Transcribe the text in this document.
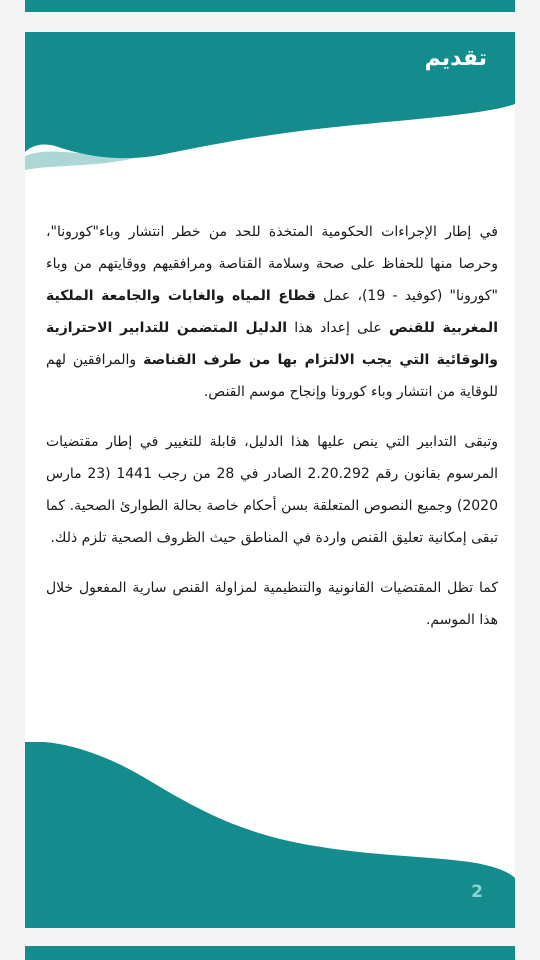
تقديم

في إطار الإجراءات الحكومية المتخذة للحد من خطر انتشار وباء"كورونا"، وحرصا منها للحفاظ على صحة وسلامة القناصة ومرافقيهم ووقايتهم من وباء "كورونا" (كوفيد - 19)، عمل قطاع المياه والغابات والجامعة الملكية المغربية للقنص على إعداد هذا الدليل المتضمن للتدابير الاحترازية والوقائية التي يجب الالتزام بها من طرف القناصة والمرافقين لهم للوقاية من انتشار وباء كورونا وإنجاح موسم القنص.

وتبقى التدابير التي ينص عليها هذا الدليل، قابلة للتغيير في إطار مقتضيات المرسوم بقانون رقم 2.20.292 الصادر في 28 من رجب 1441 (23 مارس 2020) وجميع النصوص المتعلقة بسن أحكام خاصة بحالة الطوارئ الصحية. كما تبقى إمكانية تعليق القنص واردة في المناطق حيث الظروف الصحية تلزم ذلك.

كما تظل المقتضيات القانونية والتنظيمية لمزاولة القنص سارية المفعول خلال هذا الموسم.

2
